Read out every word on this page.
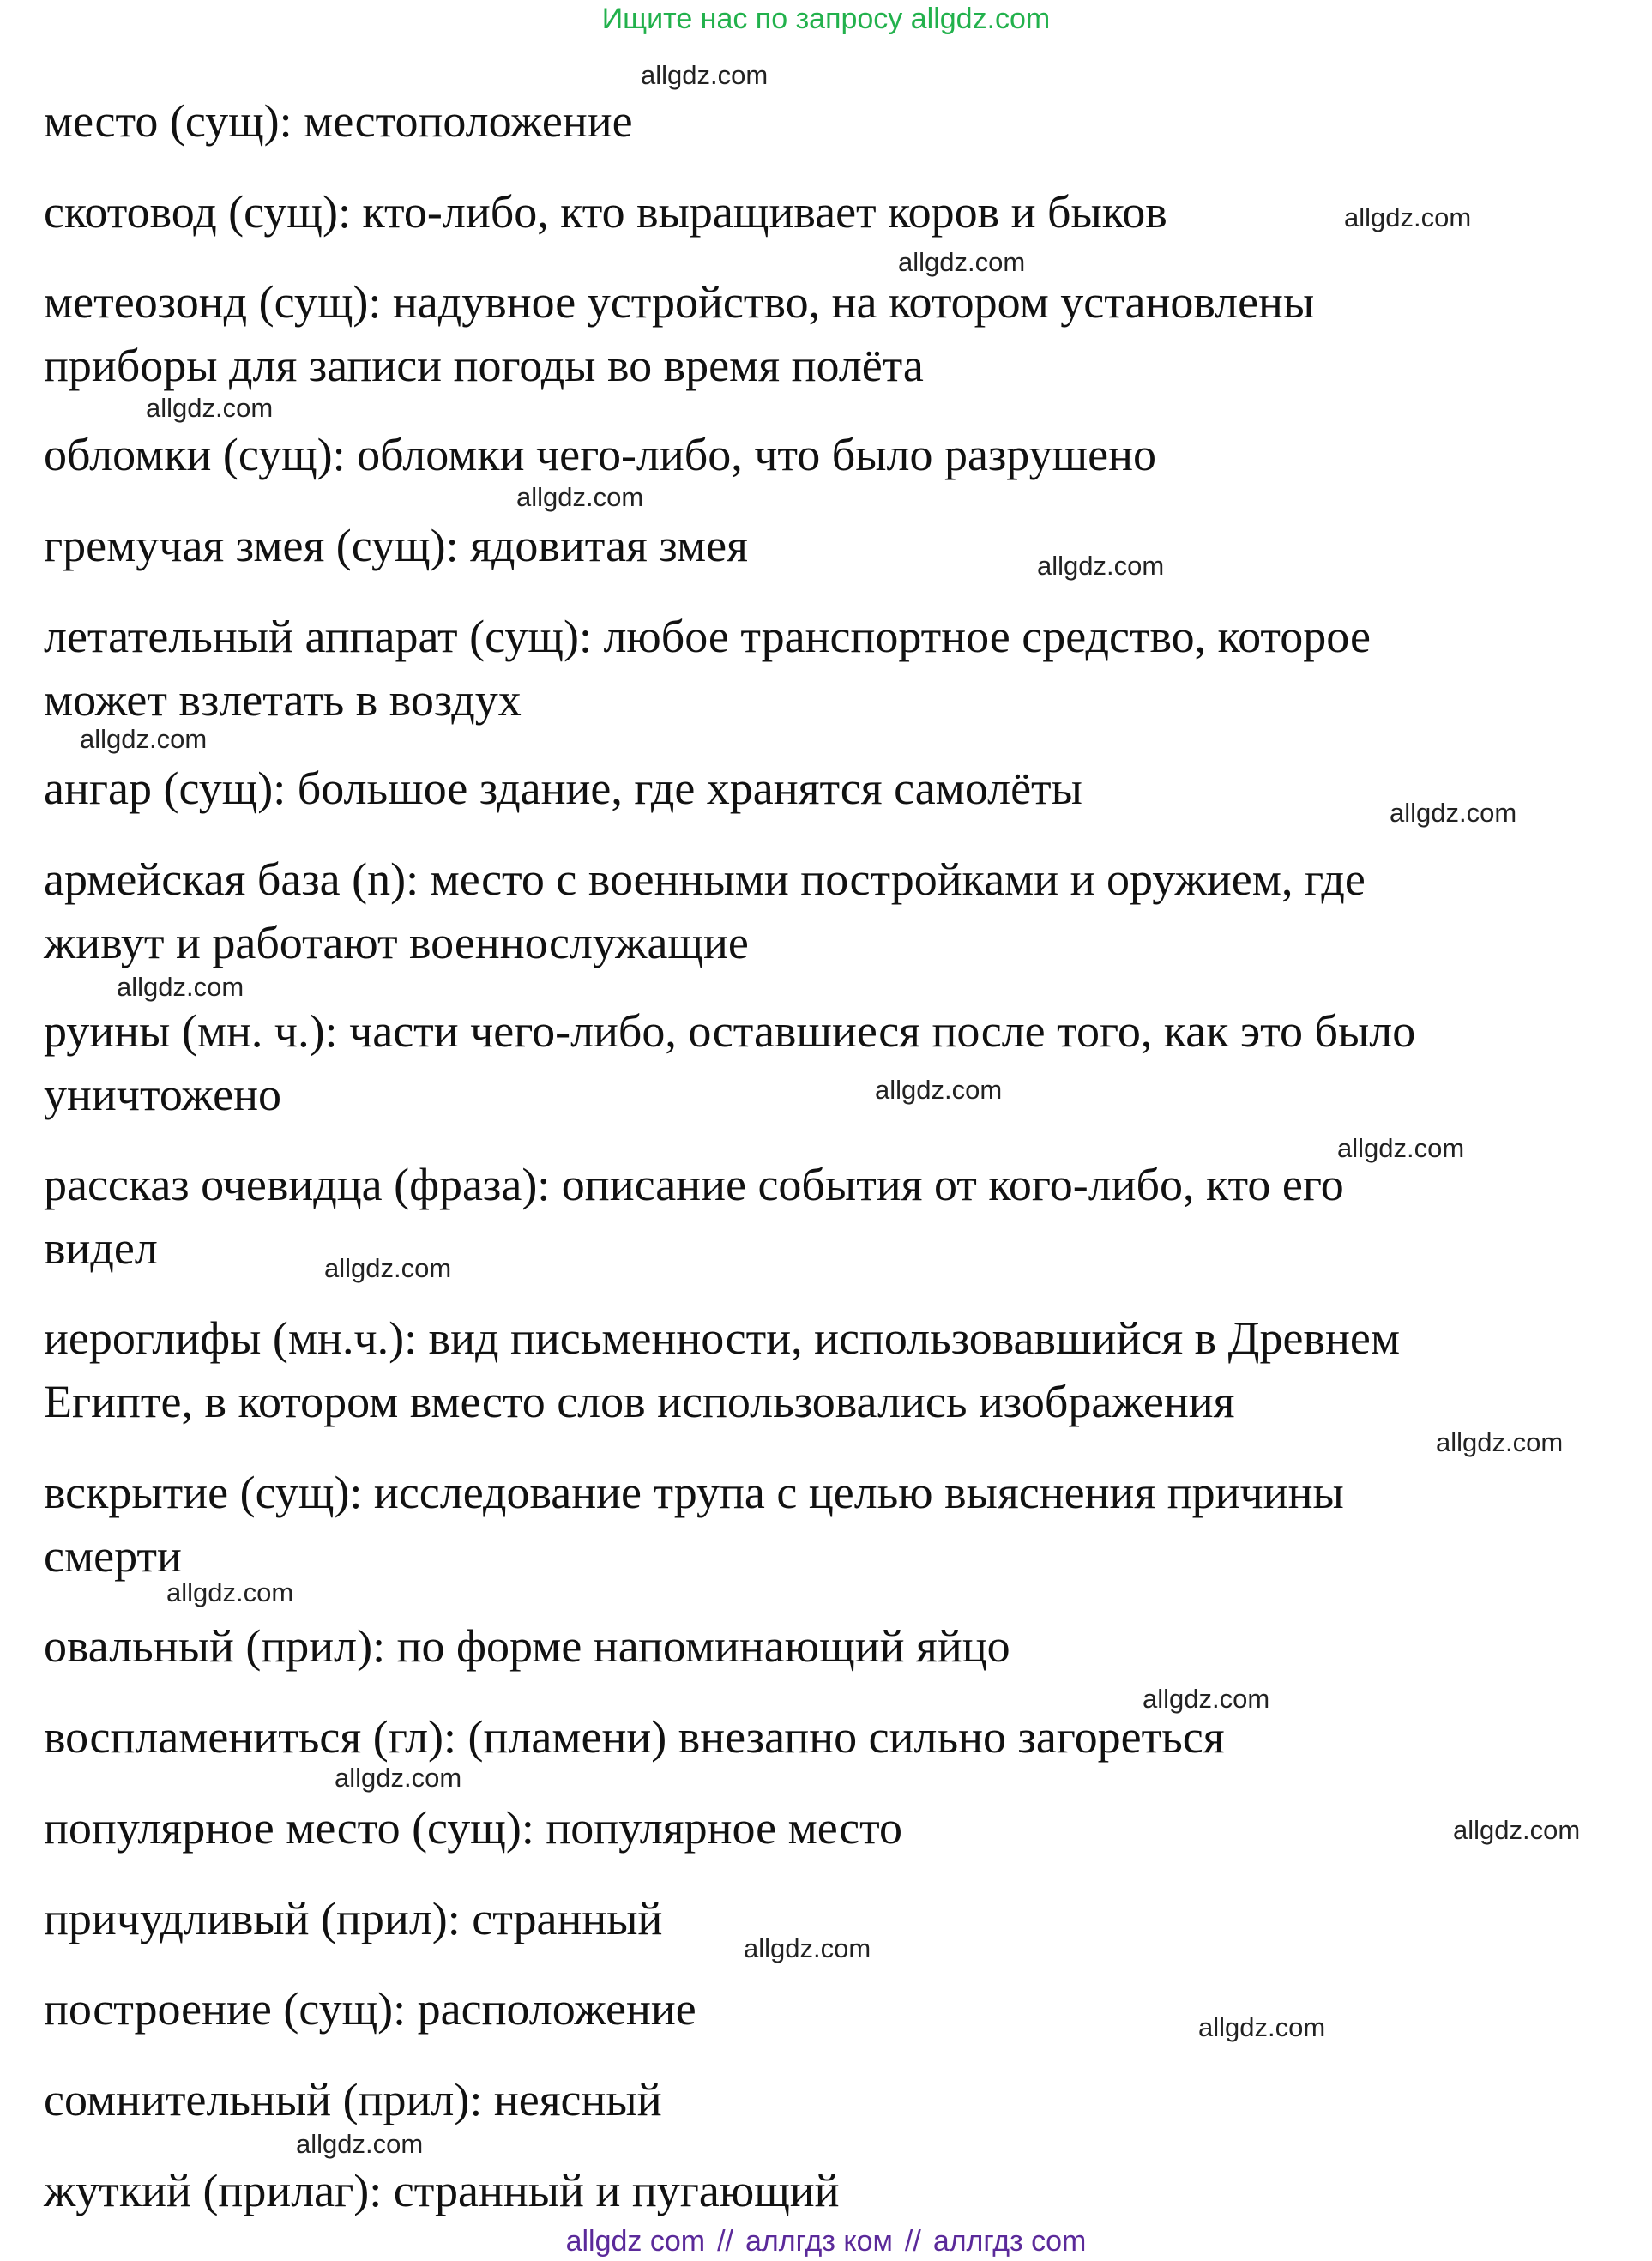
Ищите нас по запросу allgdz.com

место (сущ): местоположение

скотовод (сущ): кто-либо, кто выращивает коров и быков

метеозонд (сущ): надувное устройство, на котором установлены
приборы для записи погоды во время полёта

обломки (сущ): обломки чего-либо, что было разрушено

гремучая змея (сущ): ядовитая змея

летательный аппарат (сущ): любое транспортное средство, которое
может взлетать в воздух

ангар (сущ): большое здание, где хранятся самолёты

армейская база (n): место с военными постройками и оружием, где
живут и работают военнослужащие

руины (мн. ч.): части чего-либо, оставшиеся после того, как это было
уничтожено

рассказ очевидца (фраза): описание события от кого-либо, кто его
видел

иероглифы (мн.ч.): вид письменности, использовавшийся в Древнем
Египте, в котором вместо слов использовались изображения

вскрытие (сущ): исследование трупа с целью выяснения причины
смерти

овальный (прил): по форме напоминающий яйцо

воспламениться (гл): (пламени) внезапно сильно загореться

популярное место (сущ): популярное место

причудливый (прил): странный

построение (сущ): расположение

сомнительный (прил): неясный

жуткий (прилаг): странный и пугающий

allgdz.com
allgdz.com
allgdz.com
allgdz.com
allgdz.com
allgdz.com
allgdz.com
allgdz.com
allgdz.com
allgdz.com
allgdz.com
allgdz.com
allgdz.com
allgdz.com
allgdz.com
allgdz.com
allgdz.com
allgdz.com
allgdz.com
allgdz.com
allgdz com // аллгдз ком // аллгдз com
